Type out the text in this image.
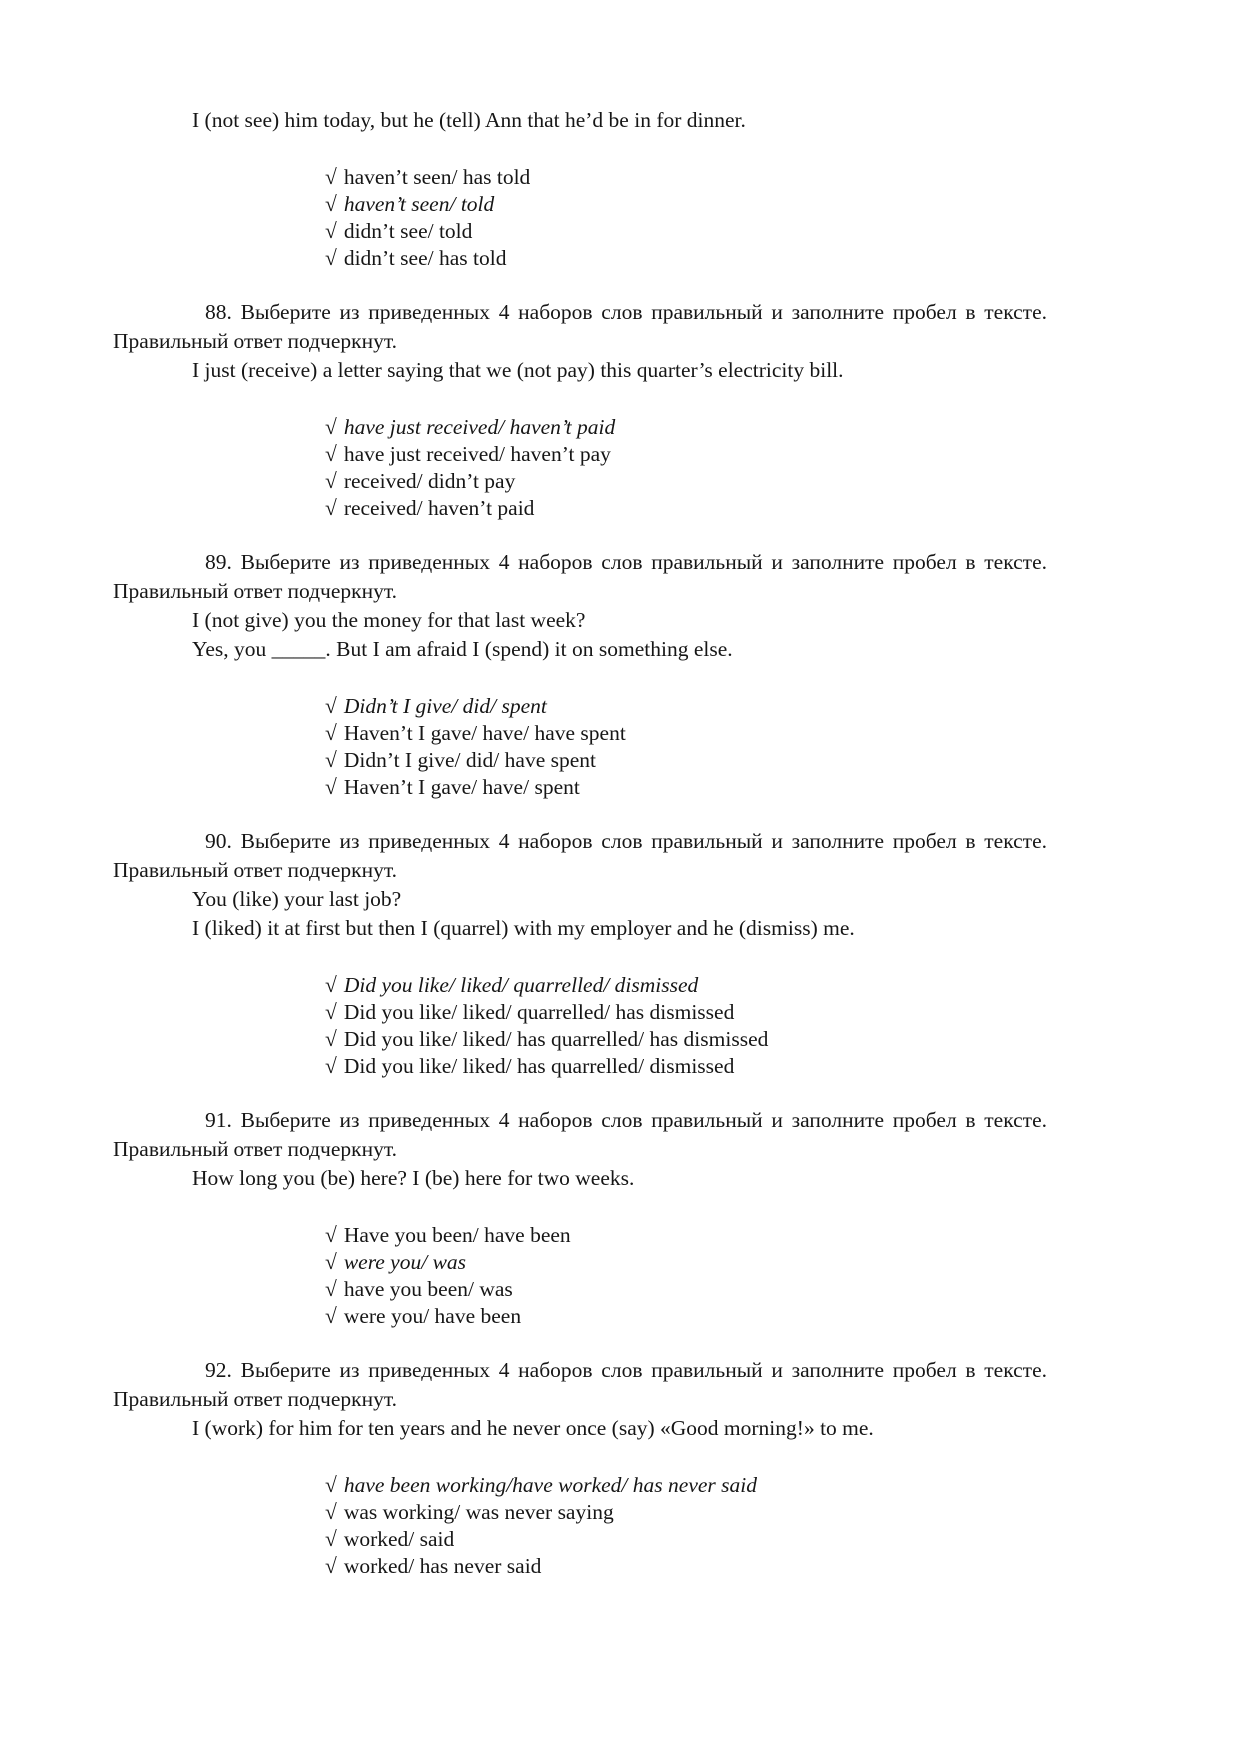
I (not see) him today, but he (tell) Ann that he’d be in for dinner.

√ haven’t seen/ has told
√ haven’t seen/ told
√ didn’t see/ told
√ didn’t see/ has told

88. Выберите из приведенных 4 наборов слов правильный и заполните пробел в тексте. Правильный ответ подчеркнут.

I just (receive) a letter saying that we (not pay) this quarter’s electricity bill.

√ have just received/ haven’t paid
√ have just received/ haven’t pay
√ received/ didn’t pay
√ received/ haven’t paid

89. Выберите из приведенных 4 наборов слов правильный и заполните пробел в тексте. Правильный ответ подчеркнут.

I (not give) you the money for that last week?

Yes, you _____. But I am afraid I (spend) it on something else.

√ Didn’t I give/ did/ spent
√ Haven’t I gave/ have/ have spent
√ Didn’t I give/ did/ have spent
√ Haven’t I gave/ have/ spent

90. Выберите из приведенных 4 наборов слов правильный и заполните пробел в тексте. Правильный ответ подчеркнут.

You (like) your last job?

I (liked) it at first but then I (quarrel) with my employer and he (dismiss) me.

√ Did you like/ liked/ quarrelled/ dismissed
√ Did you like/ liked/ quarrelled/ has dismissed
√ Did you like/ liked/ has quarrelled/ has dismissed
√ Did you like/ liked/ has quarrelled/ dismissed

91. Выберите из приведенных 4 наборов слов правильный и заполните пробел в тексте. Правильный ответ подчеркнут.

How long you (be) here? I (be) here for two weeks.

√ Have you been/ have been
√ were you/ was
√ have you been/ was
√ were you/ have been

92. Выберите из приведенных 4 наборов слов правильный и заполните пробел в тексте. Правильный ответ подчеркнут.

I (work) for him for ten years and he never once (say) «Good morning!» to me.

√ have been working/have worked/ has never said
√ was working/ was never saying
√ worked/ said
√ worked/ has never said
